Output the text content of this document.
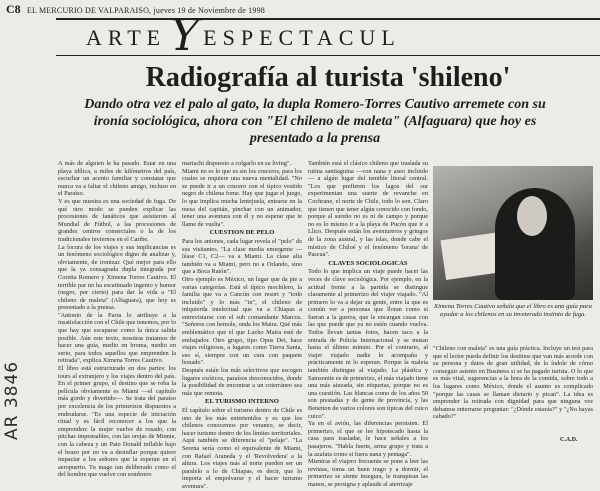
C8 EL MERCURIO DE VALPARAISO, jueves 19 de Noviembre de 1998
ARTE Y ESPECTACUL
Radiografía al turista 'shileno'

Dando otra vez el palo al gato, la dupla Romero-Torres Cautivo arremete con su ironía sociológica, ahora con "El chileno de maleta" (Alfaguara) que hoy es presentado a la prensa

AR 3846

A más de alguien le ha pasado. Estar en una playa idílica, a miles de kilómetros del país, escuchar un acento familiar y constatar que nunca va a faltar el chileno amigo, incluso en el Paraíso.

Y es que nuestra es una sociedad de fuga. De qué otro modo se pueden explicar las procesiones de fanáticos que asistieron al Mundial de Fútbol, a las procesiones de grandes centros comerciales o la de los tradicionales inviernos en el Caribe.

La locura de los viajes y sus implicancias es un fenómeno sociológico digno de analizar y, obviamente, de ironizar. Qué mejor para ello que la ya consagrada dupla integrada por Coretta Romero y Ximena Torres Cautivo. El terrible par no ha escatimado ingenio y humor (negro, por cierto) para dar la vida a "El chileno de maleta" (Alfaguara), que hoy es presentado a la prensa.

"Antonio de la Parra lo atribuye a la insatisfacción con el Chile que tenemos, por lo que hay que escaparse como la única salida posible. Aún este texto, nosotras tratamos de hacer una guía, medio en broma, medio en serio, para todos aquellos que emprenden la retirada", explica Ximena Torres Cautivo.

El libro está estructurado en dos partes: los tours al extranjero y los viajes dentro del país. En el primer grupo, el destino que se roba la película obviamente es Miami —el capítulo más gordo y divertido—. Se trata del paraíso por excelencia de los primerizos dispuestos a endeudarse. "Es una especie de iniciación ritual y es fácil reconocer a los que la emprenden: la mujer vuelve de rosado, con pitchas impensables, con las orejas de Minnie, con la cabeza y un Pato Donald inflable bajo el brazo por no va a desinflar porque quiere impactar a los señores que la esperan en el aeropuerto. Tu mago tan deliberado como el del hombre que vuelve con sombrero

mariachi dispuesto a colgarlo en su living".

Miami no es lo que es sin los cruceros, para los cuales se requiere una nueva mentalidad. "No se puede ir a un crucero con el típico vestido negro de chilena fome. Hay que jugar el juego, lo que implica mucha lentejuela, entrarse en la mesa del capitán, pinchar con un animador, tener una aventura con él y no esperar que te llame de vuelta".

CUESTION DE PELO

Para los aniones, cada lugar revela el "pelo" de sus visitantes. "La clase media emergente —léase C1, C2— va a Miami. La clase alta también va a Miami, pero no a Orlando, sino que a Boca Ratón".

Otro ejemplo es México, un lugar que da pie a varias categorías. Está el típico mochilero, la familia que va a Cancún con resort y "todo incluido" y lo más "in", el chileno de iniquierda intelectual que va a Chiapas a entrevistarse con el sub comandante Marcos. "Señores con bemole, onda los Maira. Qué más emblemático que el que Lucho Maira esté de embajador. Otro grupo, tipo Opus Dei, hace viajes religiosos, a lugares como Tierra Santa, eso sí, siempre con un cura con paquete bonado".

Después están los más selectivos que escogen lugares exóticos, paraísos desconocidos, donde la posibilidad de encontrar a un coterráneo sea más que remota.

EL TURISMO INTERNO

El capítulo sobre el turismo dentro de Chile es uno de los más entretenidos y es que los chilenos conocemos por veraneo, se decir, hacer turismo dentro de los límites territoriales. Aquí también se diferencia el "pelaje". "La Serena sería como el equivalente de Miami, con Rafael Araneda y el 'Revolvedera' a la altura. Los viajes más al norte pueden ser un paralelo a lo de Chiapas, es decir, que lo importa el empolvarse y el hacer turismo aventura".

También está el clásico chileno que traslada su rutina santiaguina —con nana y aseo incluido— a algún lugar del temible litoral central. "Los que prefieren los lagos del sur experimentan una suerte de revanche en Cochrane, el norte de Chile, todo lo son. Claro que tienen que tener algún conocido con fondo, porque al sureño no es ni de campo y porque no es lo mismo ir a la playa de Pucón que ir a Llico. Después están los aventureros y gringos de la zona austral, y las islas, donde cabe el místico de Chiloé y el fenómeno 'lorana' de Pascua".

CLAVES SOCIOLOGICAS

Todo lo que implica un viaje puede hacer las veces de clave sociológica. Por ejemplo, en la actitud frente a la partida se distingue claramente al primerizo del viajer viajado. "Al primero lo va a dejar su gente, entre la que es común ver a personas que lloran como si fueran a la guerra, que le encargan casas con las que puede que ya no estén cuando vuelva. Todos llevan tantas fotos, hacen taco a la entrada de Policía Internacional y se mutan hasta el último minuto. Por el contrario, al viajer viajado nadie lo acompaña y prácticamente ni lo esperan. Porque la maleta también distingue al viajado. La plástica y Samsonite es de primerizo, el más viajado tiene una más aiuzada, sin etiquetas, porque no es una cuestión. Las blancas como de los años 50 son prestadas y de gente de provincia, y las Benetton de varios colores son típicas del cuico cuico".

Ya en el avión, las diferencias persisten. El primerizo, el que se lee hipotecado hasta la casa para trasladar, le hace señales a los pasajeros. "Habla fuerte, arma grupo y trata a la azafata como si fuera nana y pentaga".

Mientras el viajero frecuente se pone a leer las revistas, toma un buen trago y a dormir, el primerizo se siente insegura, le transpiran las manos, se persigna y aplaude al aterrizaje

Ximena Torres Cautivo señala que el libro es una guía para ayudar a los chilenos en su inveterado instinto de fuga.

"Chileno con maleta" es una guía práctica. Incluye un test para que el lector pueda definir los destinos que van más acorde con su persona y datos de gran utilidad, de la índole de cómo conseguir asiento en Business si se ha pagado turista. O lo que es más vital, sugerencias a la hora de la comida, sobre todo a los lugares como México, donde el asunto es complicado "porque las casas se llaman dietario y pican". La idea es emprender la retirada con dignidad para que ninguna vez debamos enterrarse preguntar: "¿Dónde estarás?" y "¿No hayas cabado?"

C.A.D.
